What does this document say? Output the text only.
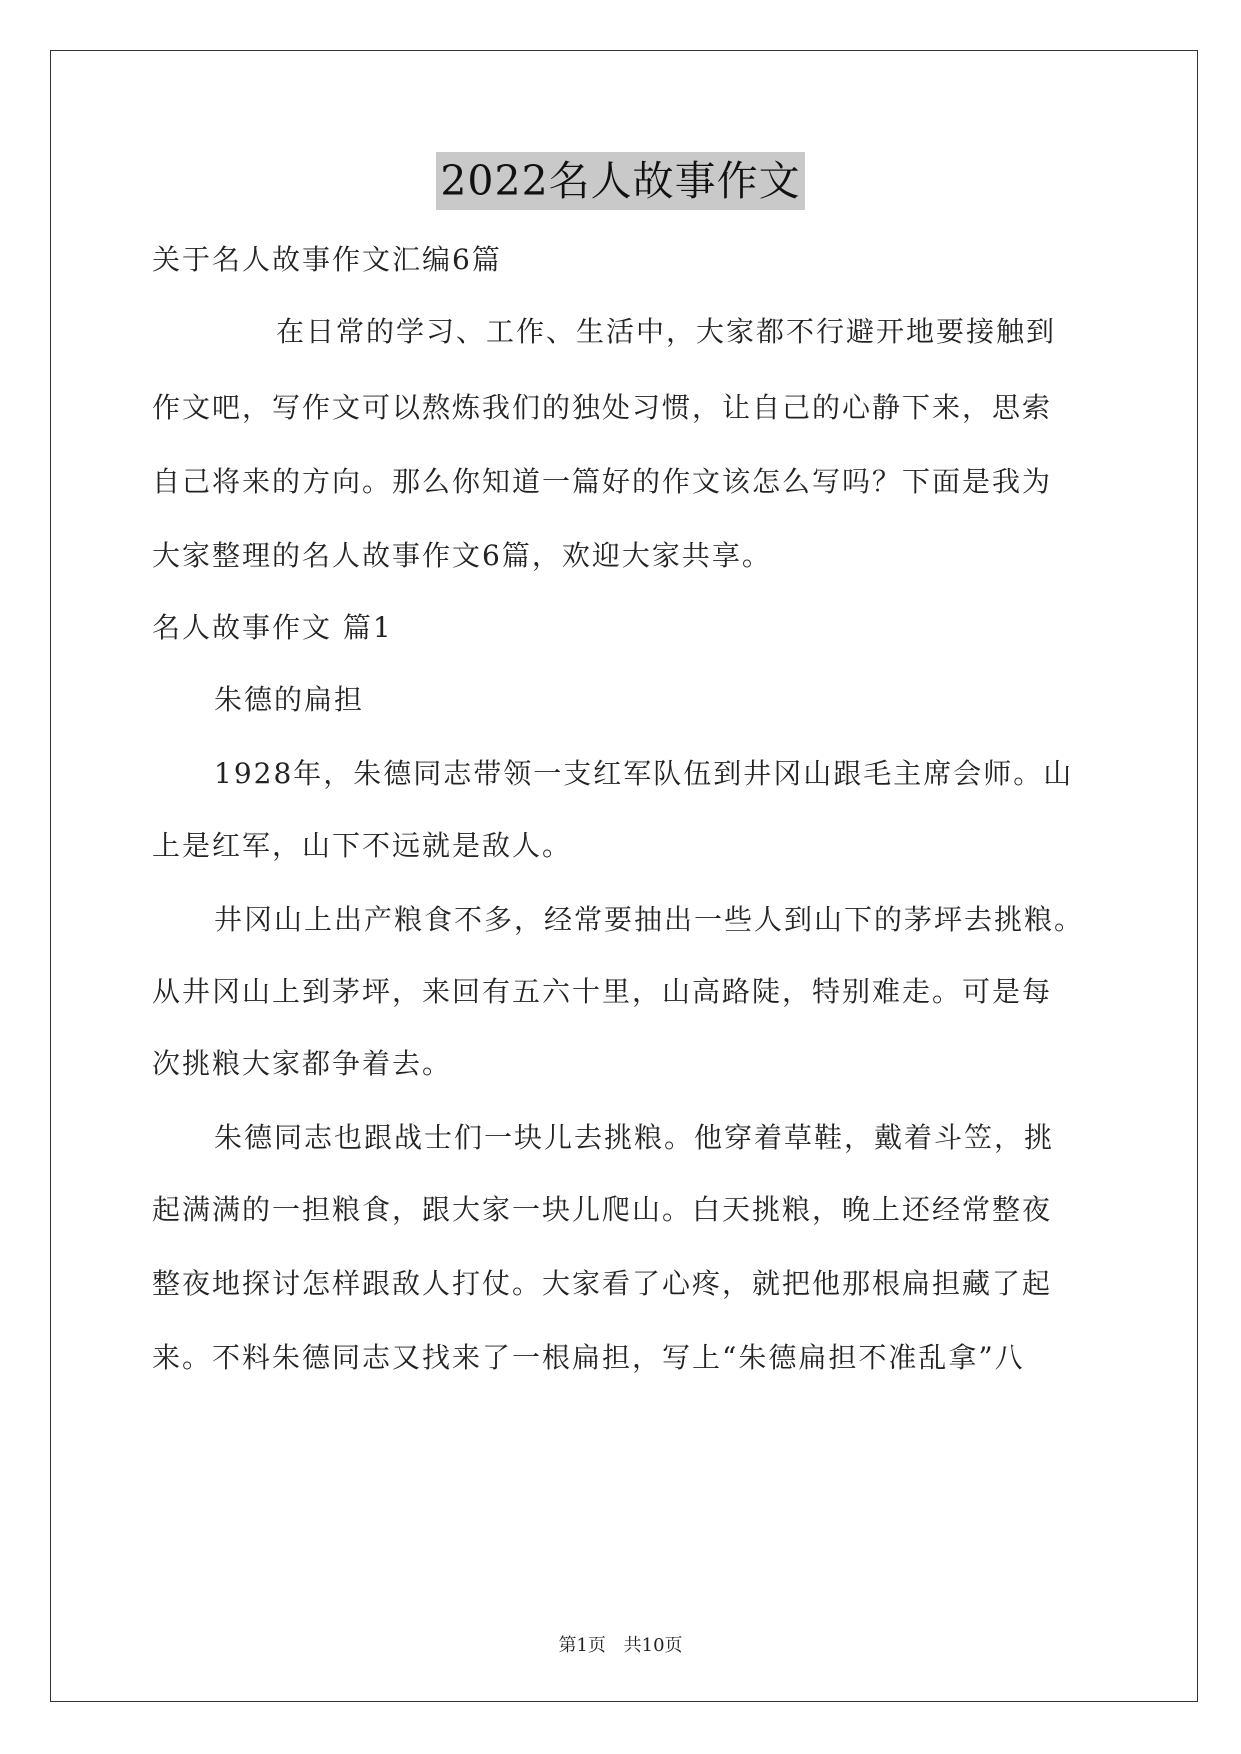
2022名人故事作文
关于名人故事作文汇编6篇
在日常的学习、工作、生活中，大家都不行避开地要接触到
作文吧，写作文可以熬炼我们的独处习惯，让自己的心静下来，思索
自己将来的方向。那么你知道一篇好的作文该怎么写吗？下面是我为
大家整理的名人故事作文6篇，欢迎大家共享。
名人故事作文 篇1
朱德的扁担
1928年，朱德同志带领一支红军队伍到井冈山跟毛主席会师。山
上是红军，山下不远就是敌人。
井冈山上出产粮食不多，经常要抽出一些人到山下的茅坪去挑粮。
从井冈山上到茅坪，来回有五六十里，山高路陡，特别难走。可是每
次挑粮大家都争着去。
朱德同志也跟战士们一块儿去挑粮。他穿着草鞋，戴着斗笠，挑
起满满的一担粮食，跟大家一块儿爬山。白天挑粮，晚上还经常整夜
整夜地探讨怎样跟敌人打仗。大家看了心疼，就把他那根扁担藏了起
来。不料朱德同志又找来了一根扁担，写上“朱德扁担不准乱拿”八
第1页 共10页
